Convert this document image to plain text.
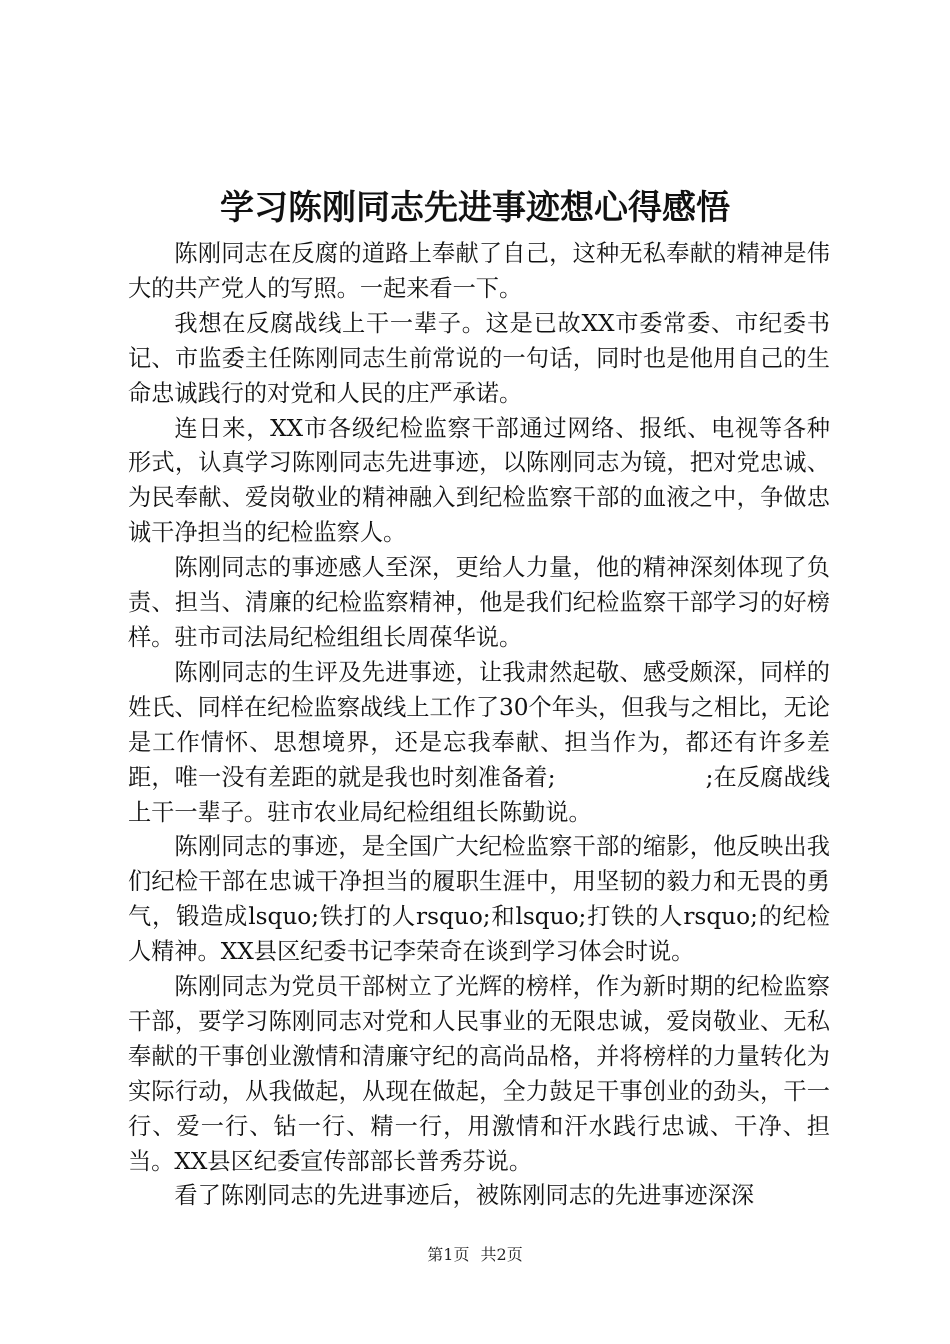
学习陈刚同志先进事迹想心得感悟

陈刚同志在反腐的道路上奉献了自己，这种无私奉献的精神是伟大的共产党人的写照。一起来看一下。

我想在反腐战线上干一辈子。这是已故XX市委常委、市纪委书记、市监委主任陈刚同志生前常说的一句话，同时也是他用自己的生命忠诚践行的对党和人民的庄严承诺。

连日来，XX市各级纪检监察干部通过网络、报纸、电视等各种形式，认真学习陈刚同志先进事迹，以陈刚同志为镜，把对党忠诚、为民奉献、爱岗敬业的精神融入到纪检监察干部的血液之中，争做忠诚干净担当的纪检监察人。

陈刚同志的事迹感人至深，更给人力量，他的精神深刻体现了负责、担当、清廉的纪检监察精神，他是我们纪检监察干部学习的好榜样。驻市司法局纪检组组长周葆华说。

陈刚同志的生评及先进事迹，让我肃然起敬、感受颇深，同样的姓氏、同样在纪检监察战线上工作了30个年头，但我与之相比，无论是工作情怀、思想境界，还是忘我奉献、担当作为，都还有许多差距，唯一没有差距的就是我也时刻准备着;                    ;在反腐战线上干一辈子。驻市农业局纪检组组长陈勤说。

陈刚同志的事迹，是全国广大纪检监察干部的缩影，他反映出我们纪检干部在忠诚干净担当的履职生涯中，用坚韧的毅力和无畏的勇气，锻造成lsquo;铁打的人rsquo;和lsquo;打铁的人rsquo;的纪检人精神。XX县区纪委书记李荣奇在谈到学习体会时说。

陈刚同志为党员干部树立了光辉的榜样，作为新时期的纪检监察干部，要学习陈刚同志对党和人民事业的无限忠诚，爱岗敬业、无私奉献的干事创业激情和清廉守纪的高尚品格，并将榜样的力量转化为实际行动，从我做起，从现在做起，全力鼓足干事创业的劲头，干一行、爱一行、钻一行、精一行，用激情和汗水践行忠诚、干净、担当。XX县区纪委宣传部部长普秀芬说。

看了陈刚同志的先进事迹后，被陈刚同志的先进事迹深深

第1页 共2页
